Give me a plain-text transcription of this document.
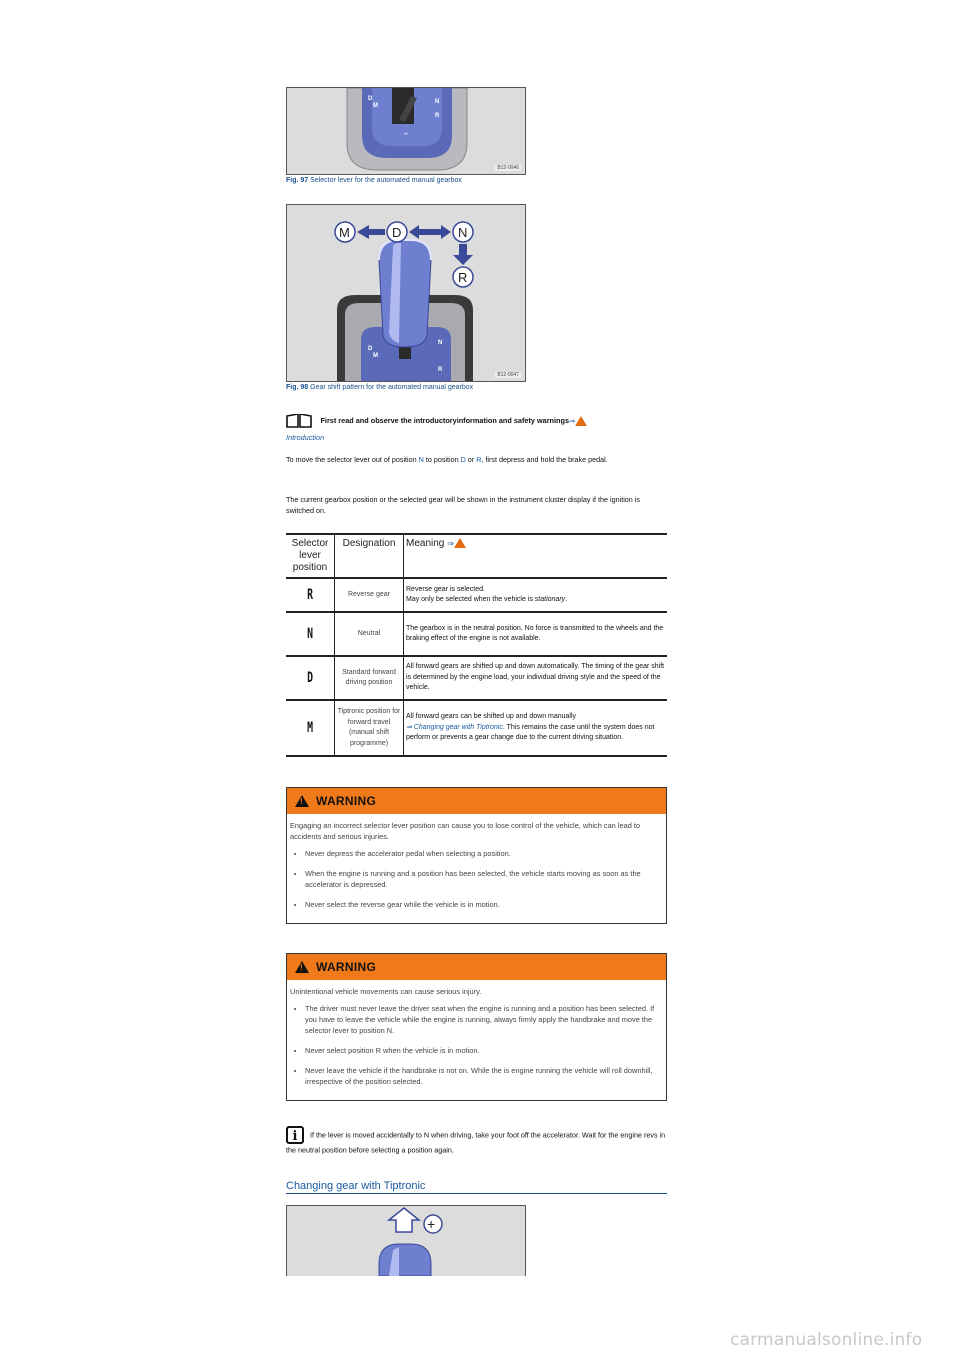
D
M
N
R
–
B12-0046
Fig. 97 Selector lever for the automated manual gearbox
M	D	N
R
D
M
N
R
B12-0047
Fig. 98 Gear shift pattern for the automated manual gearbox
First read and observe the introductoryinformation and safety warnings⇒
Introduction
To move the selector lever out of position N to position D or R, first depress and hold the brake pedal.
The current gearbox position or the selected gear will be shown in the instrument cluster display if the ignition is switched on.
Selector lever position	Designation	Meaning ⇒
R	Reverse gear	Reverse gear is selected.
May only be selected when the vehicle is stationary.
N	Neutral	The gearbox is in the neutral position. No force is transmitted to the wheels and the braking effect of the engine is not available.
D	Standard forward driving position	All forward gears are shifted up and down automatically. The timing of the gear shift is determined by the engine load, your individual driving style and the speed of the vehicle.
M	Tiptronic position for forward travel (manual shift programme)	All forward gears can be shifted up and down manually
⇒ Changing gear with Tiptronic. This remains the case until the system does not perform or prevents a gear change due to the current driving situation.
!
WARNING
Engaging an incorrect selector lever position can cause you to lose control of the vehicle, which can lead to accidents and serious injuries.
• Never depress the accelerator pedal when selecting a position.
• When the engine is running and a position has been selected, the vehicle starts moving as soon as the accelerator is depressed.
• Never select the reverse gear while the vehicle is in motion.
!
WARNING
Unintentional vehicle movements can cause serious injury.
• The driver must never leave the driver seat when the engine is running and a position has been selected. If you have to leave the vehicle while the engine is running, always firmly apply the handbrake and move the selector lever to position N.
• Never select position R when the vehicle is in motion.
• Never leave the vehicle if the handbrake is not on. While the is engine running the vehicle will roll downhill, irrespective of the position selected.
i If the lever is moved accidentally to N when driving, take your foot off the accelerator. Wait for the engine revs in the neutral position before selecting a position again.
Changing gear with Tiptronic
+
carmanualsonline.info
